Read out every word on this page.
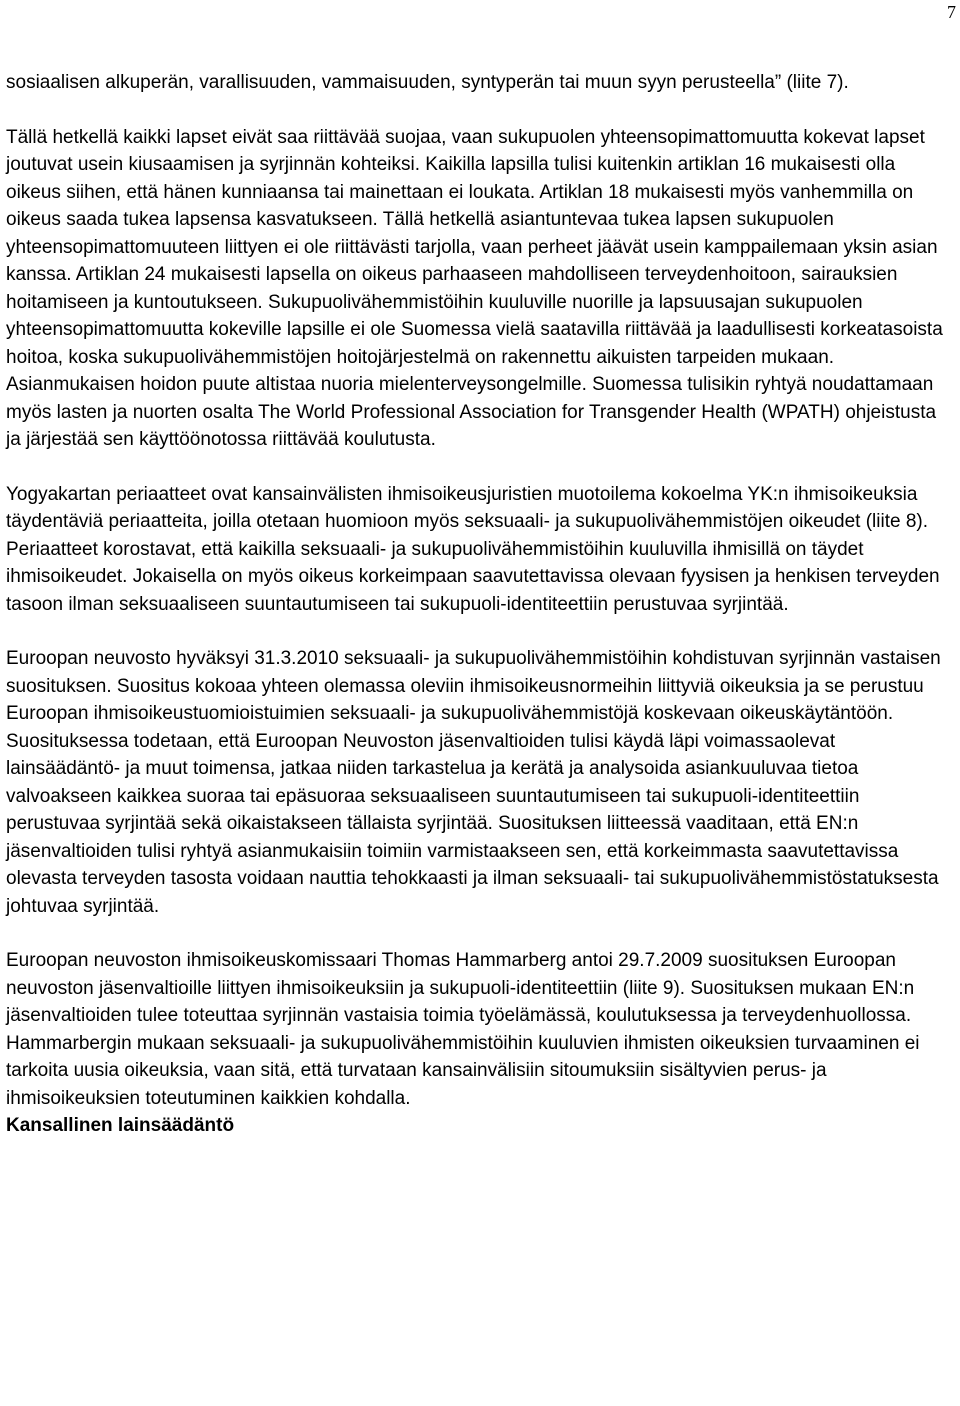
7

sosiaalisen alkuperän, varallisuuden, vammaisuuden, syntyperän tai muun syyn perusteella” (liite 7).

Tällä hetkellä kaikki lapset eivät saa riittävää suojaa, vaan sukupuolen yhteensopimattomuutta kokevat lapset joutuvat usein kiusaamisen ja syrjinnän kohteiksi. Kaikilla lapsilla tulisi kuitenkin artiklan 16 mukaisesti olla oikeus siihen, että hänen kunniaansa tai mainettaan ei loukata. Artiklan 18 mukaisesti myös vanhemmilla on oikeus saada tukea lapsensa kasvatukseen. Tällä hetkellä asiantuntevaa tukea lapsen sukupuolen yhteensopimattomuuteen liittyen ei ole riittävästi tarjolla, vaan perheet jäävät usein kamppailemaan yksin asian kanssa. Artiklan 24 mukaisesti lapsella on oikeus parhaaseen mahdolliseen terveydenhoitoon, sairauksien hoitamiseen ja kuntoutukseen. Sukupuolivähemmistöihin kuuluville nuorille ja lapsuusajan sukupuolen yhteensopimattomuutta kokeville lapsille ei ole Suomessa vielä saatavilla riittävää ja laadullisesti korkeatasoista hoitoa, koska sukupuolivähemmistöjen hoitojärjestelmä on rakennettu aikuisten tarpeiden mukaan. Asianmukaisen hoidon puute altistaa nuoria mielenterveysongelmille. Suomessa tulisikin ryhtyä noudattamaan myös lasten ja nuorten osalta The World Professional Association for Transgender Health (WPATH) ohjeistusta ja järjestää sen käyttöönotossa riittävää koulutusta.

Yogyakartan periaatteet ovat kansainvälisten ihmisoikeusjuristien muotoilema kokoelma YK:n ihmisoikeuksia täydentäviä periaatteita, joilla otetaan huomioon myös seksuaali- ja sukupuolivähemmistöjen oikeudet (liite 8). Periaatteet korostavat, että kaikilla seksuaali- ja sukupuolivähemmistöihin kuuluvilla ihmisillä on täydet ihmisoikeudet. Jokaisella on myös oikeus korkeimpaan saavutettavissa olevaan fyysisen ja henkisen terveyden tasoon ilman seksuaaliseen suuntautumiseen tai sukupuoli-identiteettiin perustuvaa syrjintää.

Euroopan neuvosto hyväksyi 31.3.2010 seksuaali- ja sukupuolivähemmistöihin kohdistuvan syrjinnän vastaisen suosituksen. Suositus kokoaa yhteen olemassa oleviin ihmisoikeusnormeihin liittyviä oikeuksia ja se perustuu Euroopan ihmisoikeustuomioistuimien seksuaali- ja sukupuolivähemmistöjä koskevaan oikeuskäytäntöön. Suosituksessa todetaan, että Euroopan Neuvoston jäsenvaltioiden tulisi käydä läpi voimassaolevat lainsäädäntö- ja muut toimensa, jatkaa niiden tarkastelua ja kerätä ja analysoida asiankuuluvaa tietoa valvoakseen kaikkea suoraa tai epäsuoraa seksuaaliseen suuntautumiseen tai sukupuoli-identiteettiin perustuvaa syrjintää sekä oikaistakseen tällaista syrjintää. Suosituksen liitteessä vaaditaan, että EN:n jäsenvaltioiden tulisi ryhtyä asianmukaisiin toimiin varmistaakseen sen, että korkeimmasta saavutettavissa olevasta terveyden tasosta voidaan nauttia tehokkaasti ja ilman seksuaali- tai sukupuolivähemmistöstatuksesta johtuvaa syrjintää.

Euroopan neuvoston ihmisoikeuskomissaari Thomas Hammarberg antoi 29.7.2009 suosituksen Euroopan neuvoston jäsenvaltioille liittyen ihmisoikeuksiin ja sukupuoli-identiteettiin (liite 9). Suosituksen mukaan EN:n jäsenvaltioiden tulee toteuttaa syrjinnän vastaisia toimia työelämässä, koulutuksessa ja terveydenhuollossa. Hammarbergin mukaan seksuaali- ja sukupuolivähemmistöihin kuuluvien ihmisten oikeuksien turvaaminen ei tarkoita uusia oikeuksia, vaan sitä, että turvataan kansainvälisiin sitoumuksiin sisältyvien perus- ja ihmisoikeuksien toteutuminen kaikkien kohdalla.

Kansallinen lainsäädäntö
